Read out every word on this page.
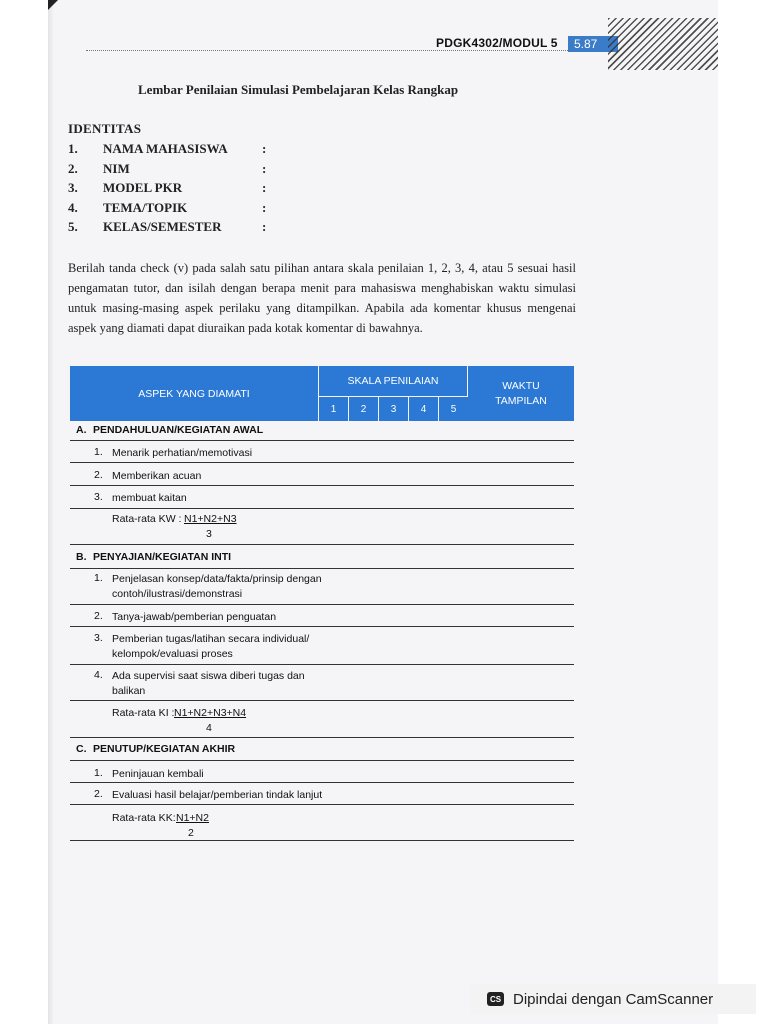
PDGK4302/MODUL 5	5.87
Lembar Penilaian Simulasi Pembelajaran Kelas Rangkap
IDENTITAS
1. NAMA MAHASISWA	:
2. NIM	:
3. MODEL PKR	:
4. TEMA/TOPIK	:
5. KELAS/SEMESTER	:
Berilah tanda check (v) pada salah satu pilihan antara skala penilaian 1, 2, 3, 4, atau 5 sesuai hasil pengamatan tutor, dan isilah dengan berapa menit para mahasiswa menghabiskan waktu simulasi untuk masing-masing aspek perilaku yang ditampilkan. Apabila ada komentar khusus mengenai aspek yang diamati dapat diuraikan pada kotak komentar di bawahnya.
ASPEK YANG DIAMATI
SKALA PENILAIAN
1	2	3	4	5
WAKTU
TAMPILAN
A. PENDAHULUAN/KEGIATAN AWAL
1. Menarik perhatian/memotivasi
2. Memberikan acuan
3. membuat kaitan
Rata-rata KW : N1+N2+N3
3
B. PENYAJIAN/KEGIATAN INTI
1. Penjelasan konsep/data/fakta/prinsip dengan
contoh/ilustrasi/demonstrasi
2. Tanya-jawab/pemberian penguatan
3. Pemberian tugas/latihan secara individual/
kelompok/evaluasi proses
4. Ada supervisi saat siswa diberi tugas dan
balikan
Rata-rata KI : N1+N2+N3+N4
4
C. PENUTUP/KEGIATAN AKHIR
1. Peninjauan kembali
2. Evaluasi hasil belajar/pemberian tindak lanjut
Rata-rata KK: N1+N2
2
CS Dipindai dengan CamScanner
